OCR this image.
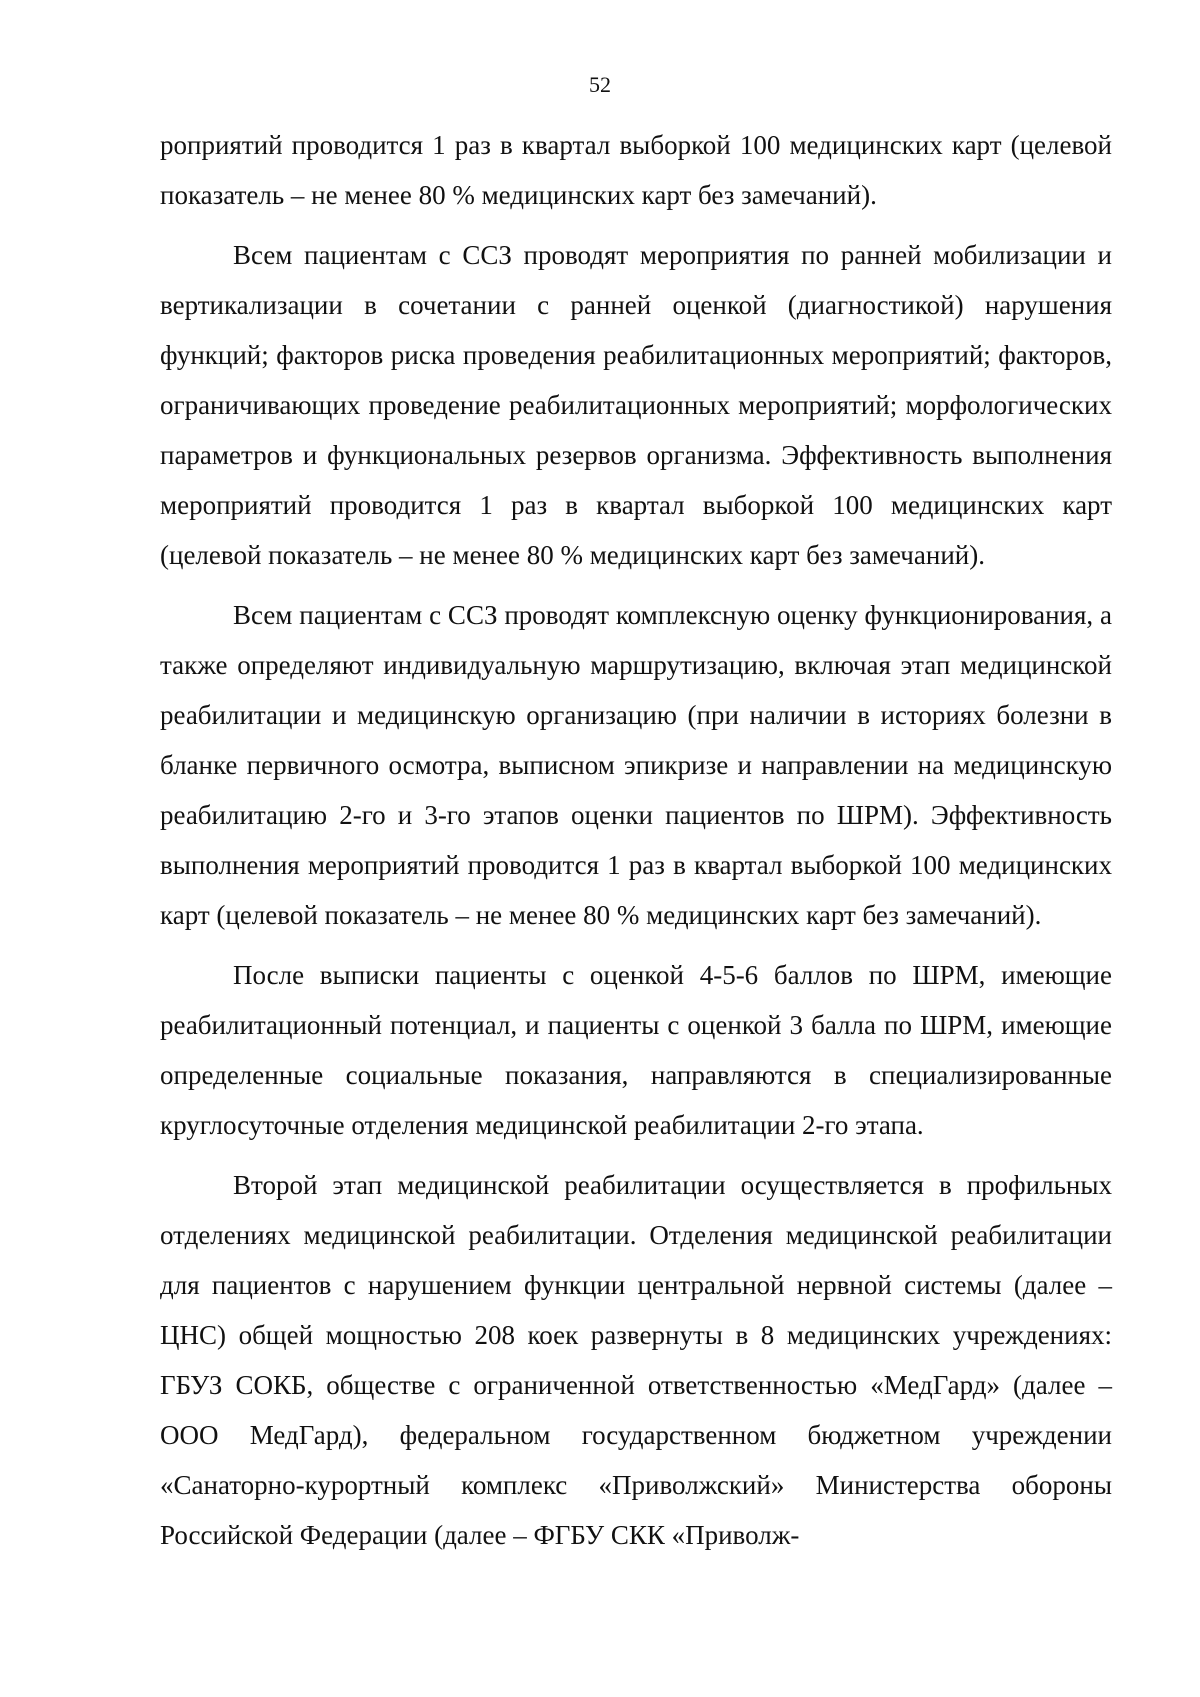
52

роприятий проводится 1 раз в квартал выборкой 100 медицинских карт (целевой показатель – не менее 80 % медицинских карт без замечаний).

Всем пациентам с ССЗ проводят мероприятия по ранней мобилизации и вертикализации в сочетании с ранней оценкой (диагностикой) нарушения функций; факторов риска проведения реабилитационных мероприятий; факторов, ограничивающих проведение реабилитационных мероприятий; морфологических параметров и функциональных резервов организма. Эффективность выполнения мероприятий проводится 1 раз в квартал выборкой 100 медицинских карт (целевой показатель – не менее 80 % медицинских карт без замечаний).

Всем пациентам с ССЗ проводят комплексную оценку функционирования, а также определяют индивидуальную маршрутизацию, включая этап медицинской реабилитации и медицинскую организацию (при наличии в историях болезни в бланке первичного осмотра, выписном эпикризе и направлении на медицинскую реабилитацию 2-го и 3-го этапов оценки пациентов по ШРМ). Эффективность выполнения мероприятий проводится 1 раз в квартал выборкой 100 медицинских карт (целевой показатель – не менее 80 % медицинских карт без замечаний).

После выписки пациенты с оценкой 4-5-6 баллов по ШРМ, имеющие реабилитационный потенциал, и пациенты с оценкой 3 балла по ШРМ, имеющие определенные социальные показания, направляются в специализированные круглосуточные отделения медицинской реабилитации 2-го этапа.

Второй этап медицинской реабилитации осуществляется в профильных отделениях медицинской реабилитации. Отделения медицинской реабилитации для пациентов с нарушением функции центральной нервной системы (далее – ЦНС) общей мощностью 208 коек развернуты в 8 медицинских учреждениях: ГБУЗ СОКБ, обществе с ограниченной ответственностью «МедГард» (далее – ООО МедГард), федеральном государственном бюджетном учреждении «Санаторно-курортный комплекс «Приволжский» Министерства обороны Российской Федерации (далее – ФГБУ СКК «Приволж-
